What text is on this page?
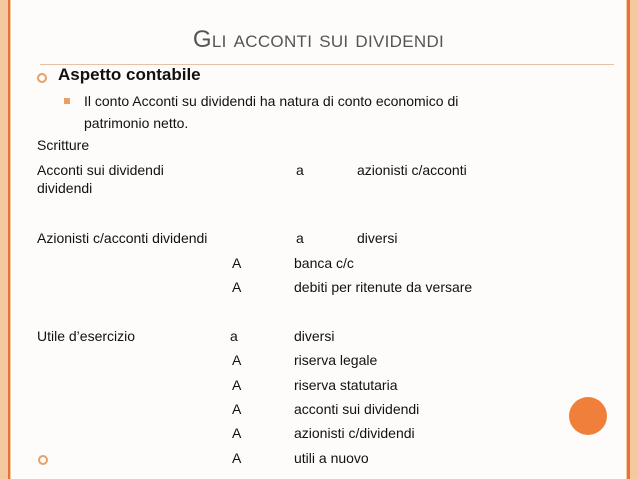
Gli acconti sui dividendi
Aspetto contabile
Il conto Acconti su dividendi ha natura di conto economico di patrimonio netto.
Scritture
Acconti sui dividendi	a	azionisti c/acconti
dividendi
Azionisti c/acconti dividendi	a	diversi
A	banca c/c
A	debiti per ritenute da versare
Utile d’esercizio	a	diversi
A	riserva legale
A	riserva statutaria
A	acconti sui dividendi
A	azionisti c/dividendi
A	utili a nuovo
